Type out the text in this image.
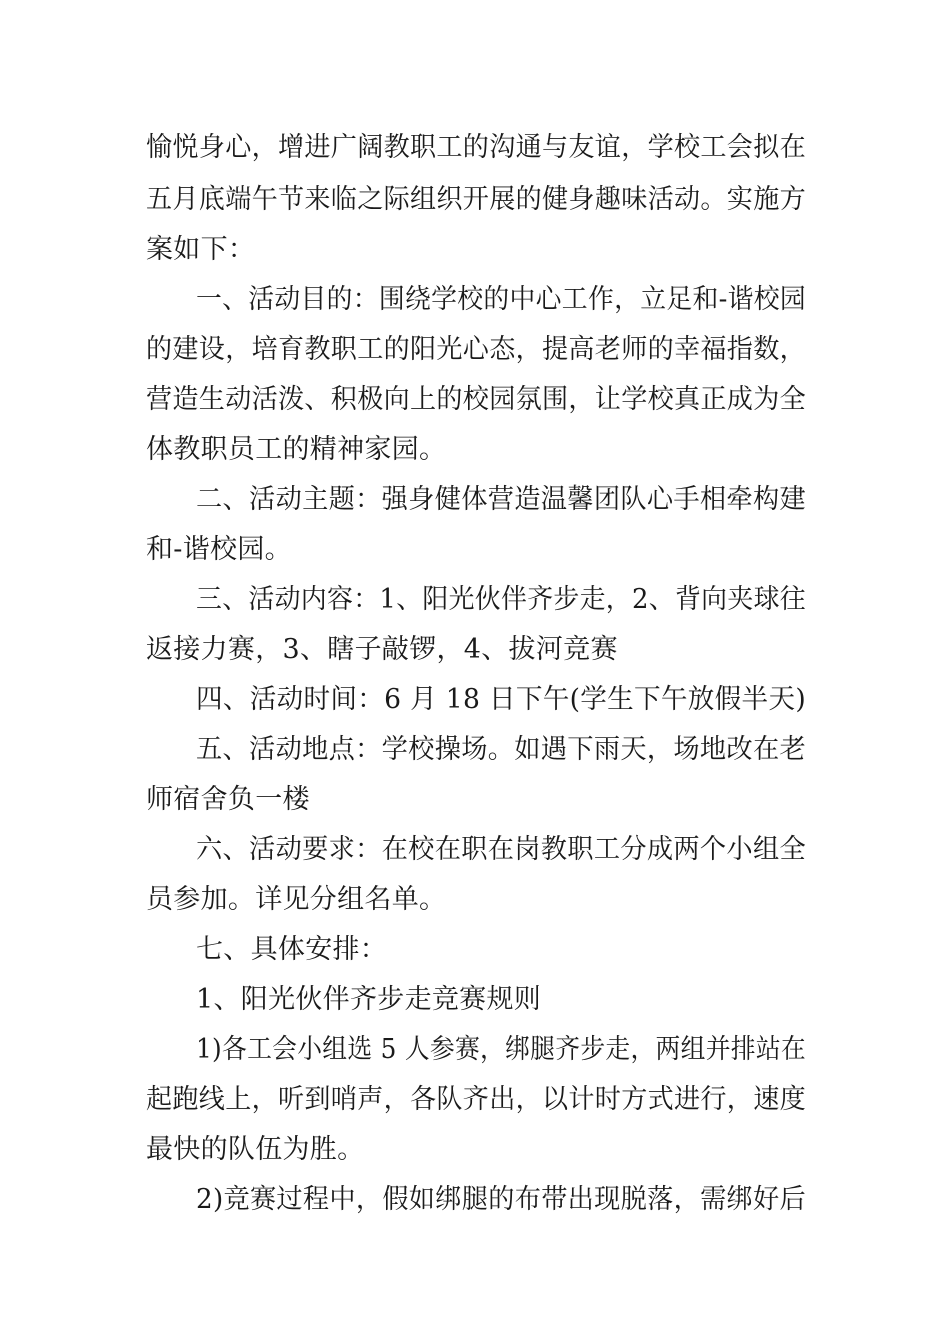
愉悦身心，增进广阔教职工的沟通与友谊，学校工会拟在
五月底端午节来临之际组织开展的健身趣味活动。实施方
案如下：
一、活动目的：围绕学校的中心工作，立足和-谐校园
的建设，培育教职工的阳光心态，提高老师的幸福指数，
营造生动活泼、积极向上的校园氛围，让学校真正成为全
体教职员工的精神家园。
二、活动主题：强身健体营造温馨团队心手相牵构建
和-谐校园。
三、活动内容：1、阳光伙伴齐步走，2、背向夹球往
返接力赛，3、瞎子敲锣，4、拔河竞赛
四、活动时间：6 月 18 日下午(学生下午放假半天)
五、活动地点：学校操场。如遇下雨天，场地改在老
师宿舍负一楼
六、活动要求：在校在职在岗教职工分成两个小组全
员参加。详见分组名单。
七、具体安排：
1、阳光伙伴齐步走竞赛规则
1)各工会小组选 5 人参赛，绑腿齐步走，两组并排站在
起跑线上，听到哨声，各队齐出，以计时方式进行，速度
最快的队伍为胜。
2)竞赛过程中，假如绑腿的布带出现脱落，需绑好后
